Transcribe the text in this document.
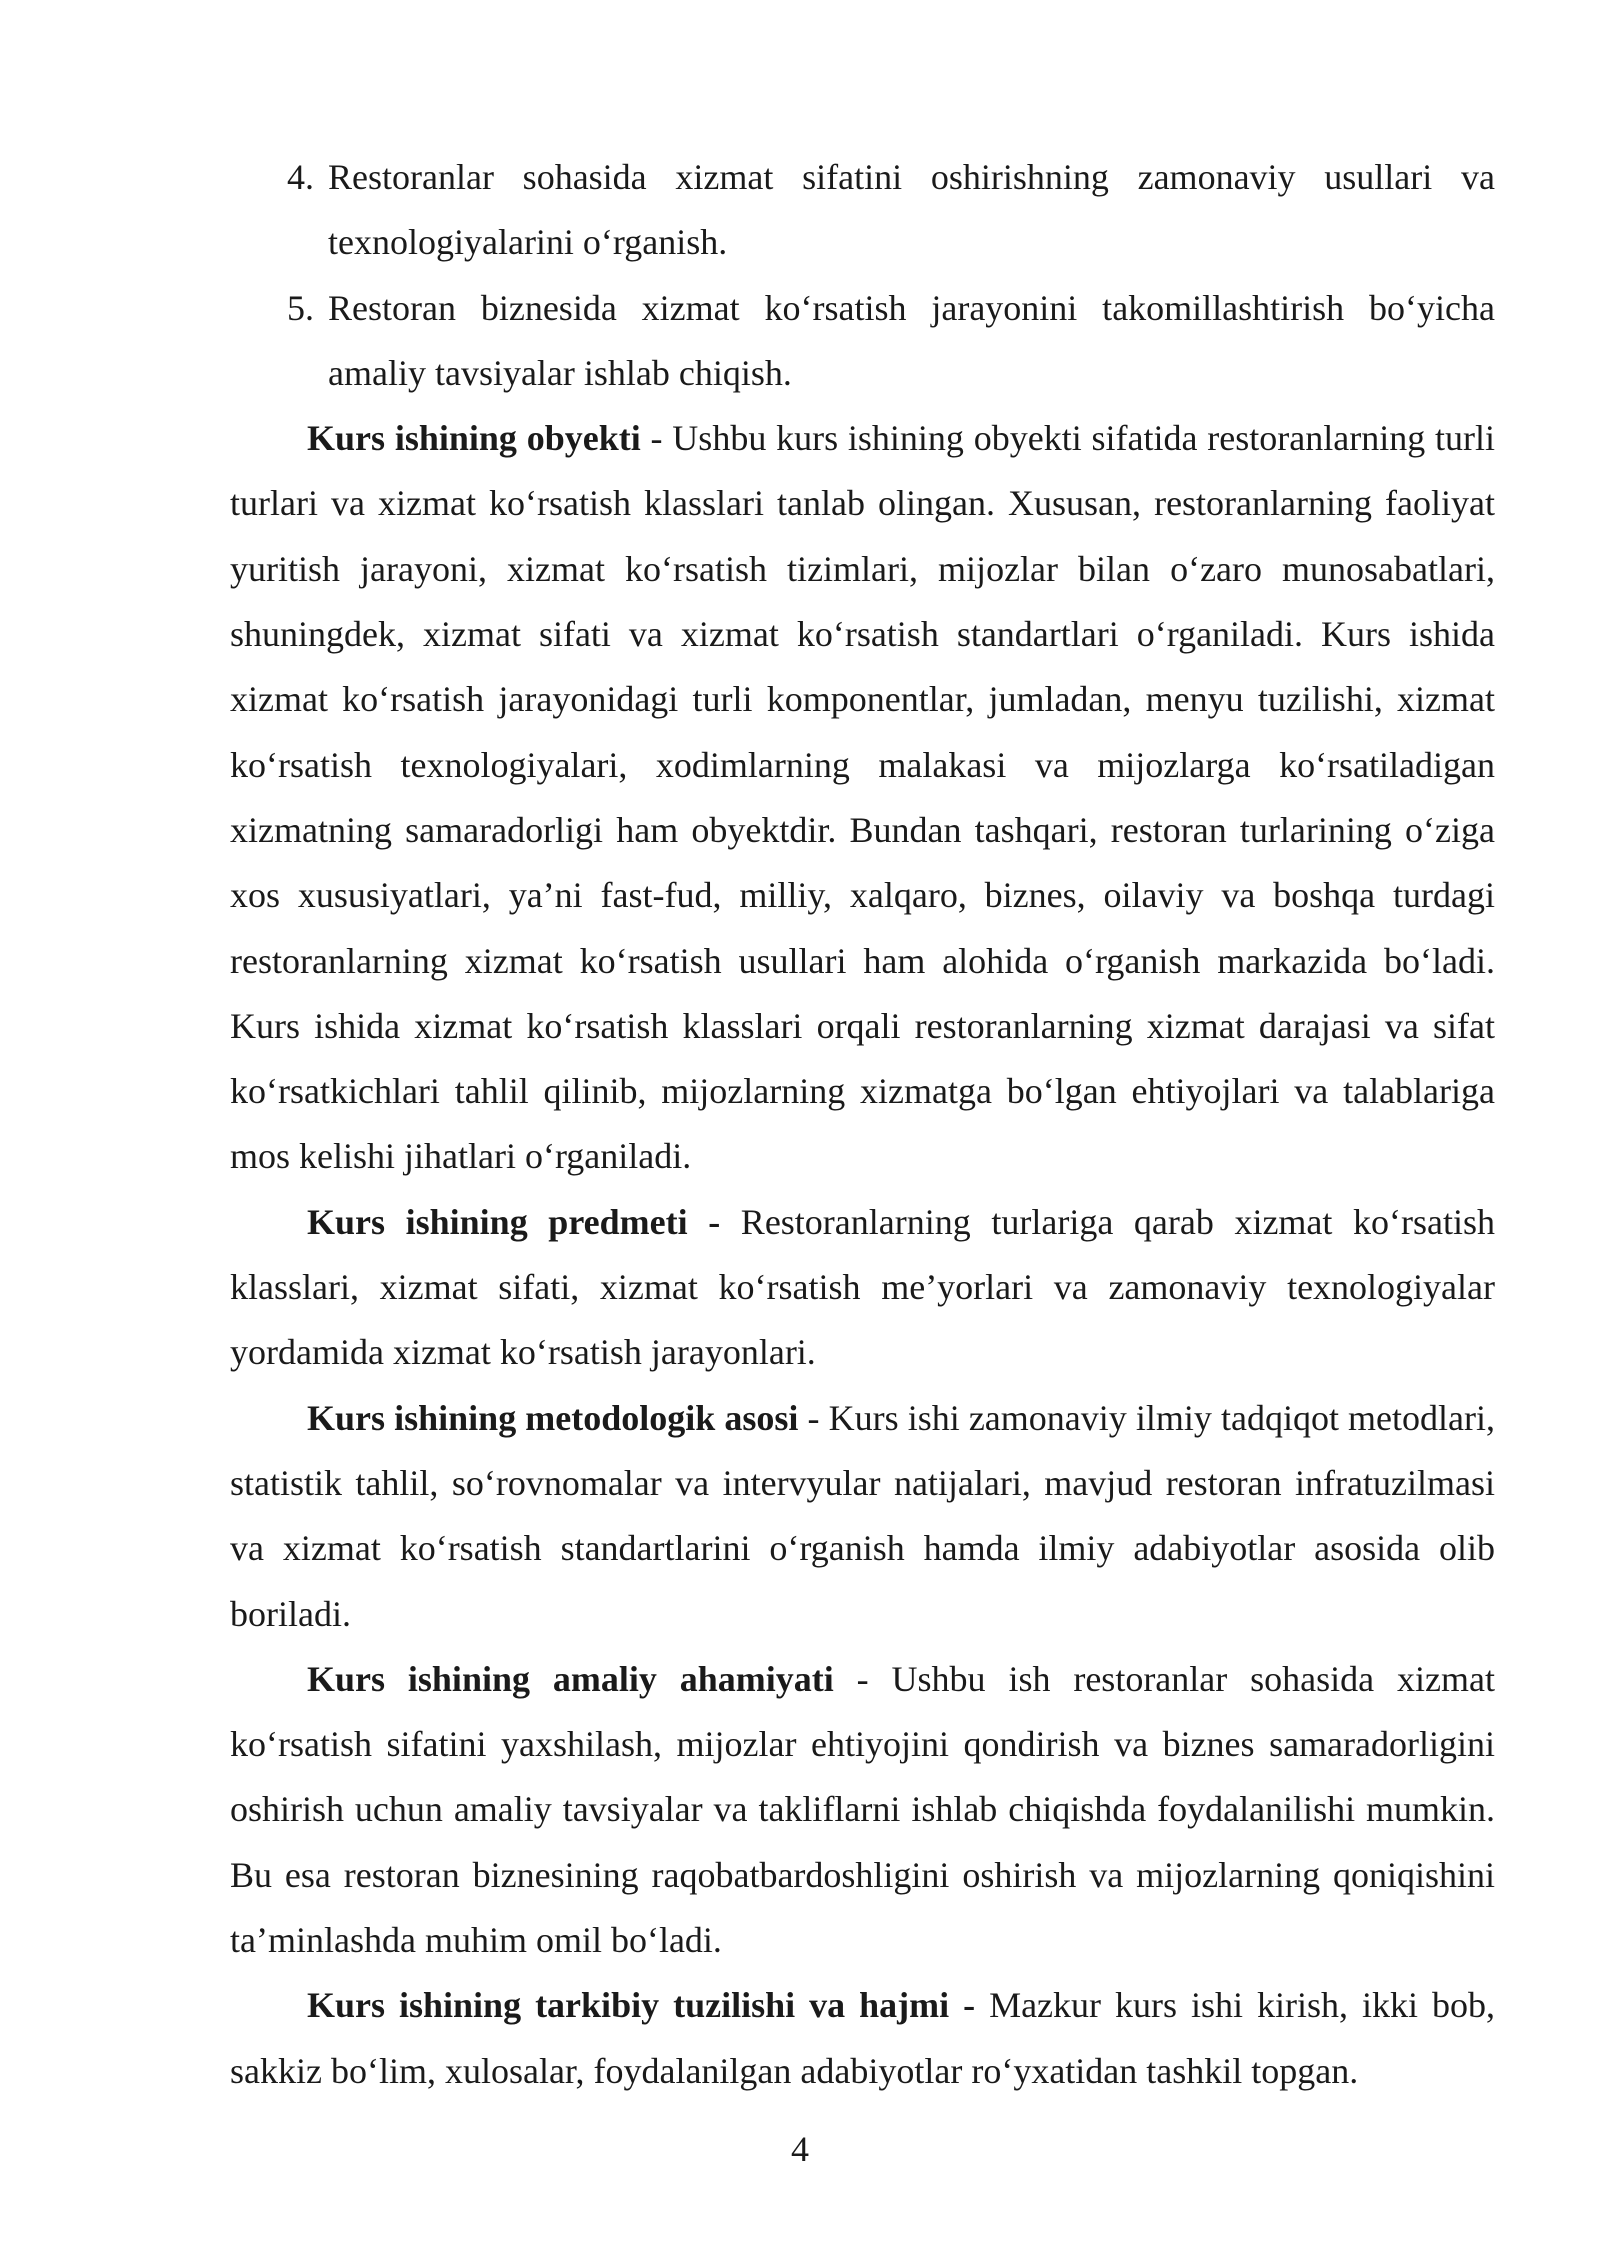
4. Restoranlar sohasida xizmat sifatini oshirishning zamonaviy usullari va texnologiyalarini o‘rganish.
5. Restoran biznesida xizmat ko‘rsatish jarayonini takomillashtirish bo‘yicha amaliy tavsiyalar ishlab chiqish.

Kurs ishining obyekti - Ushbu kurs ishining obyekti sifatida restoranlarning turli turlari va xizmat ko‘rsatish klasslari tanlab olingan. Xususan, restoranlarning faoliyat yuritish jarayoni, xizmat ko‘rsatish tizimlari, mijozlar bilan o‘zaro munosabatlari, shuningdek, xizmat sifati va xizmat ko‘rsatish standartlari o‘rganiladi. Kurs ishida xizmat ko‘rsatish jarayonidagi turli komponentlar, jumladan, menyu tuzilishi, xizmat ko‘rsatish texnologiyalari, xodimlarning malakasi va mijozlarga ko‘rsatiladigan xizmatning samaradorligi ham obyektdir. Bundan tashqari, restoran turlarining o‘ziga xos xususiyatlari, ya’ni fast-fud, milliy, xalqaro, biznes, oilaviy va boshqa turdagi restoranlarning xizmat ko‘rsatish usullari ham alohida o‘rganish markazida bo‘ladi. Kurs ishida xizmat ko‘rsatish klasslari orqali restoranlarning xizmat darajasi va sifat ko‘rsatkichlari tahlil qilinib, mijozlarning xizmatga bo‘lgan ehtiyojlari va talablariga mos kelishi jihatlari o‘rganiladi.

Kurs ishining predmeti - Restoranlarning turlariga qarab xizmat ko‘rsatish klasslari, xizmat sifati, xizmat ko‘rsatish me’yorlari va zamonaviy texnologiyalar yordamida xizmat ko‘rsatish jarayonlari.

Kurs ishining metodologik asosi - Kurs ishi zamonaviy ilmiy tadqiqot metodlari, statistik tahlil, so‘rovnomalar va intervyular natijalari, mavjud restoran infratuzilmasi va xizmat ko‘rsatish standartlarini o‘rganish hamda ilmiy adabiyotlar asosida olib boriladi.

Kurs ishining amaliy ahamiyati - Ushbu ish restoranlar sohasida xizmat ko‘rsatish sifatini yaxshilash, mijozlar ehtiyojini qondirish va biznes samaradorligini oshirish uchun amaliy tavsiyalar va takliflarni ishlab chiqishda foydalanilishi mumkin. Bu esa restoran biznesining raqobatbardoshligini oshirish va mijozlarning qoniqishini ta’minlashda muhim omil bo‘ladi.

Kurs ishining tarkibiy tuzilishi va hajmi - Mazkur kurs ishi kirish, ikki bob, sakkiz bo‘lim, xulosalar, foydalanilgan adabiyotlar ro‘yxatidan tashkil topgan.

4
